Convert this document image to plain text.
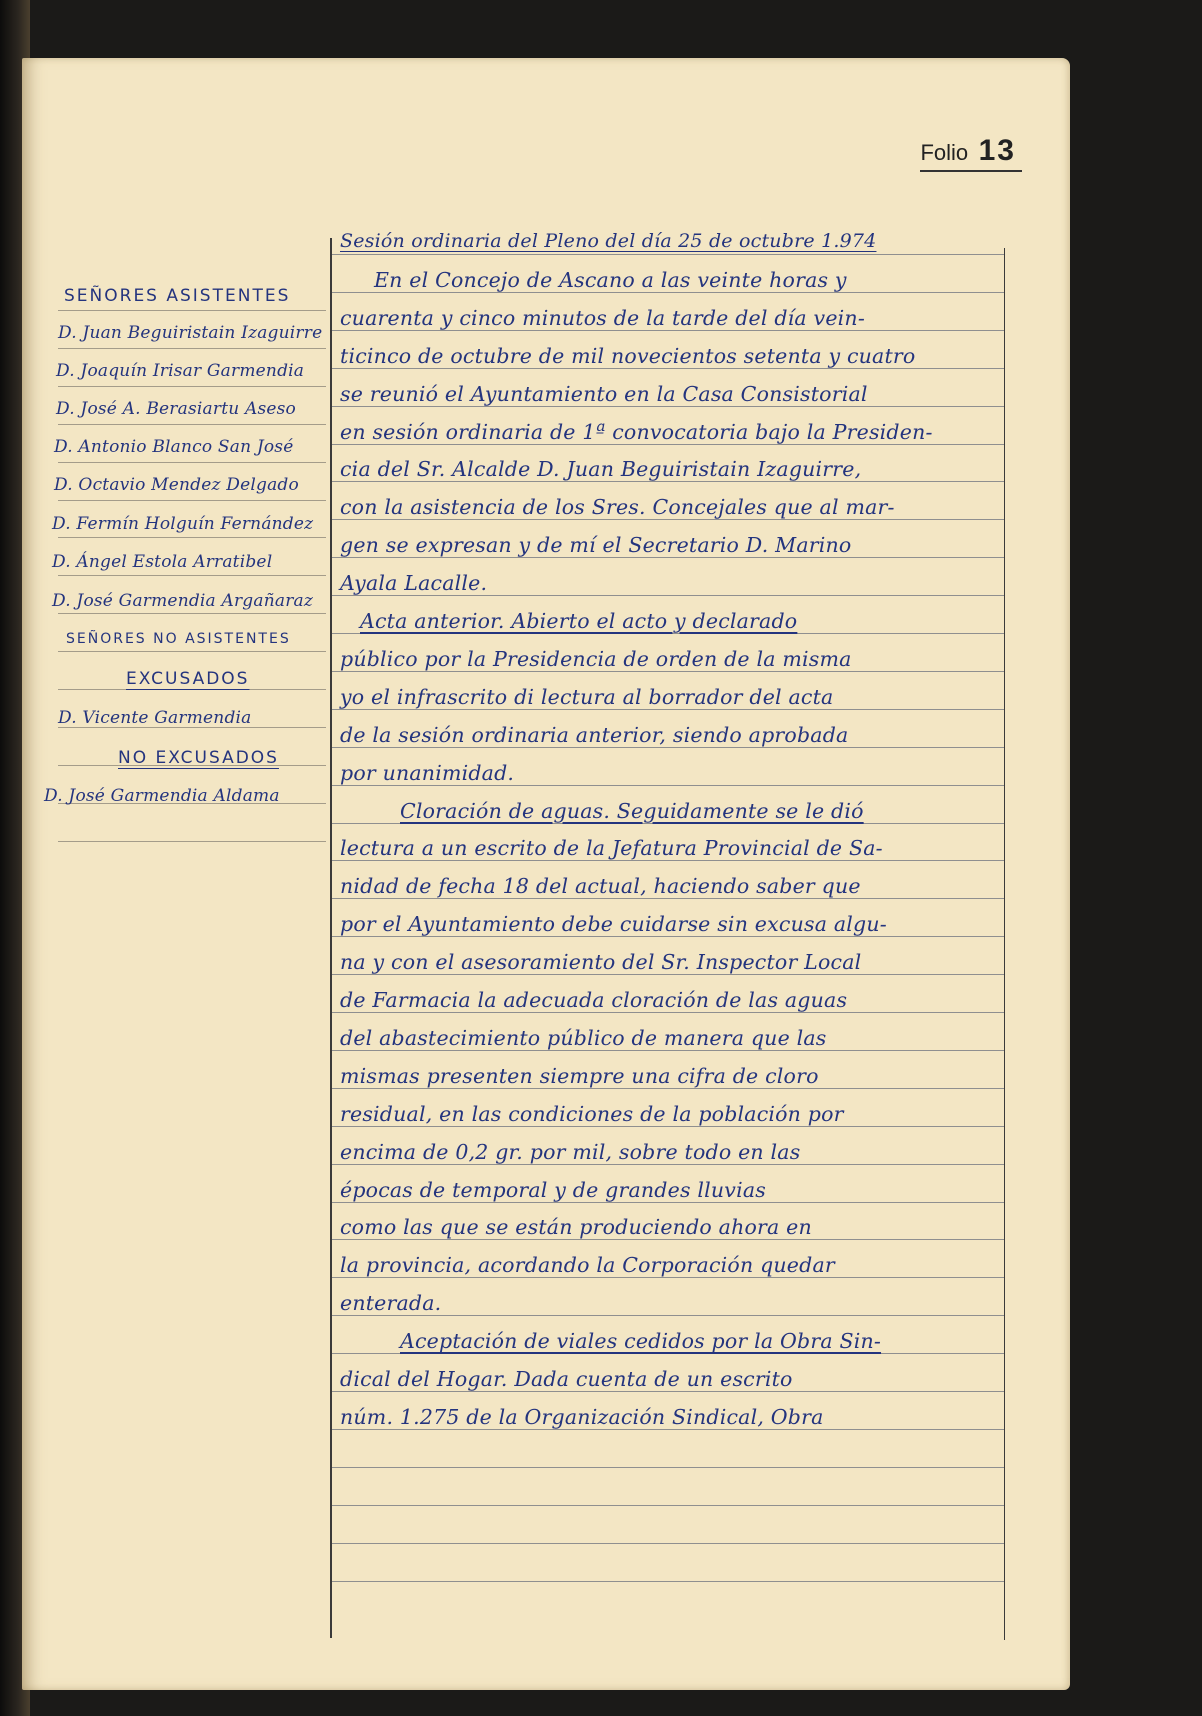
Folio 13
SEÑORES ASISTENTES
D. Juan Beguiristain Izaguirre
D. Joaquín Irisar Garmendia
D. José A. Berasiartu Aseso
D. Antonio Blanco San José
D. Octavio Mendez Delgado
D. Fermín Holguín Fernández
D. Ángel Estola Arratibel
D. José Garmendia Argañaraz
SEÑORES NO ASISTENTES
EXCUSADOS
D. Vicente Garmendia
NO EXCUSADOS
D. José Garmendia Aldama
Sesión ordinaria del Pleno del día 25 de octubre 1.974
En el Concejo de Ascano a las veinte horas y
cuarenta y cinco minutos de la tarde del día vein-
ticinco de octubre de mil novecientos setenta y cuatro
se reunió el Ayuntamiento en la Casa Consistorial
en sesión ordinaria de 1ª convocatoria bajo la Presiden-
cia del Sr. Alcalde D. Juan Beguiristain Izaguirre,
con la asistencia de los Sres. Concejales que al mar-
gen se expresan y de mí el Secretario D. Marino
Ayala Lacalle.
Acta anterior. Abierto el acto y declarado
público por la Presidencia de orden de la misma
yo el infrascrito di lectura al borrador del acta
de la sesión ordinaria anterior, siendo aprobada
por unanimidad.
Cloración de aguas. Seguidamente se le dió
lectura a un escrito de la Jefatura Provincial de Sa-
nidad de fecha 18 del actual, haciendo saber que
por el Ayuntamiento debe cuidarse sin excusa algu-
na y con el asesoramiento del Sr. Inspector Local
de Farmacia la adecuada cloración de las aguas
del abastecimiento público de manera que las
mismas presenten siempre una cifra de cloro
residual, en las condiciones de la población por
encima de 0,2 gr. por mil, sobre todo en las
épocas de temporal y de grandes lluvias
como las que se están produciendo ahora en
la provincia, acordando la Corporación quedar
enterada.
Aceptación de viales cedidos por la Obra Sin-
dical del Hogar. Dada cuenta de un escrito
núm. 1.275 de la Organización Sindical, Obra
